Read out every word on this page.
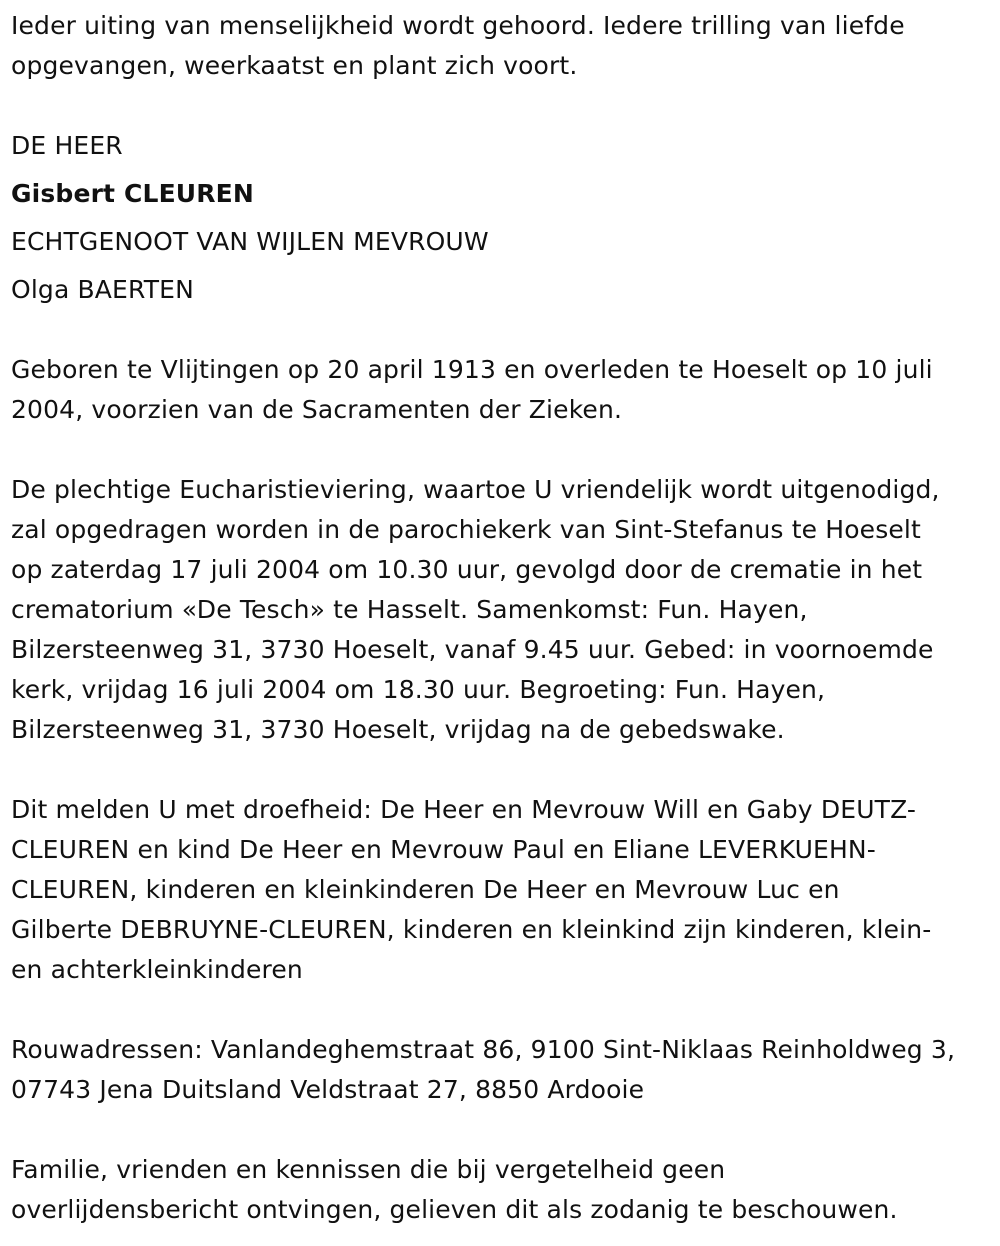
Ieder uiting van menselijkheid wordt gehoord. Iedere trilling van liefde
opgevangen, weerkaatst en plant zich voort.

DE HEER

Gisbert CLEUREN

ECHTGENOOT VAN WIJLEN MEVROUW

Olga BAERTEN

Geboren te Vlijtingen op 20 april 1913 en overleden te Hoeselt op 10 juli
2004, voorzien van de Sacramenten der Zieken.

De plechtige Eucharistieviering, waartoe U vriendelijk wordt uitgenodigd,
zal opgedragen worden in de parochiekerk van Sint-Stefanus te Hoeselt
op zaterdag 17 juli 2004 om 10.30 uur, gevolgd door de crematie in het
crematorium «De Tesch» te Hasselt. Samenkomst: Fun. Hayen,
Bilzersteenweg 31, 3730 Hoeselt, vanaf 9.45 uur. Gebed: in voornoemde
kerk, vrijdag 16 juli 2004 om 18.30 uur. Begroeting: Fun. Hayen,
Bilzersteenweg 31, 3730 Hoeselt, vrijdag na de gebedswake.

Dit melden U met droefheid: De Heer en Mevrouw Will en Gaby DEUTZ-
CLEUREN en kind De Heer en Mevrouw Paul en Eliane LEVERKUEHN-
CLEUREN, kinderen en kleinkinderen De Heer en Mevrouw Luc en
Gilberte DEBRUYNE-CLEUREN, kinderen en kleinkind zijn kinderen, klein-
en achterkleinkinderen

Rouwadressen: Vanlandeghemstraat 86, 9100 Sint-Niklaas Reinholdweg 3,
07743 Jena Duitsland Veldstraat 27, 8850 Ardooie

Familie, vrienden en kennissen die bij vergetelheid geen
overlijdensbericht ontvingen, gelieven dit als zodanig te beschouwen.
